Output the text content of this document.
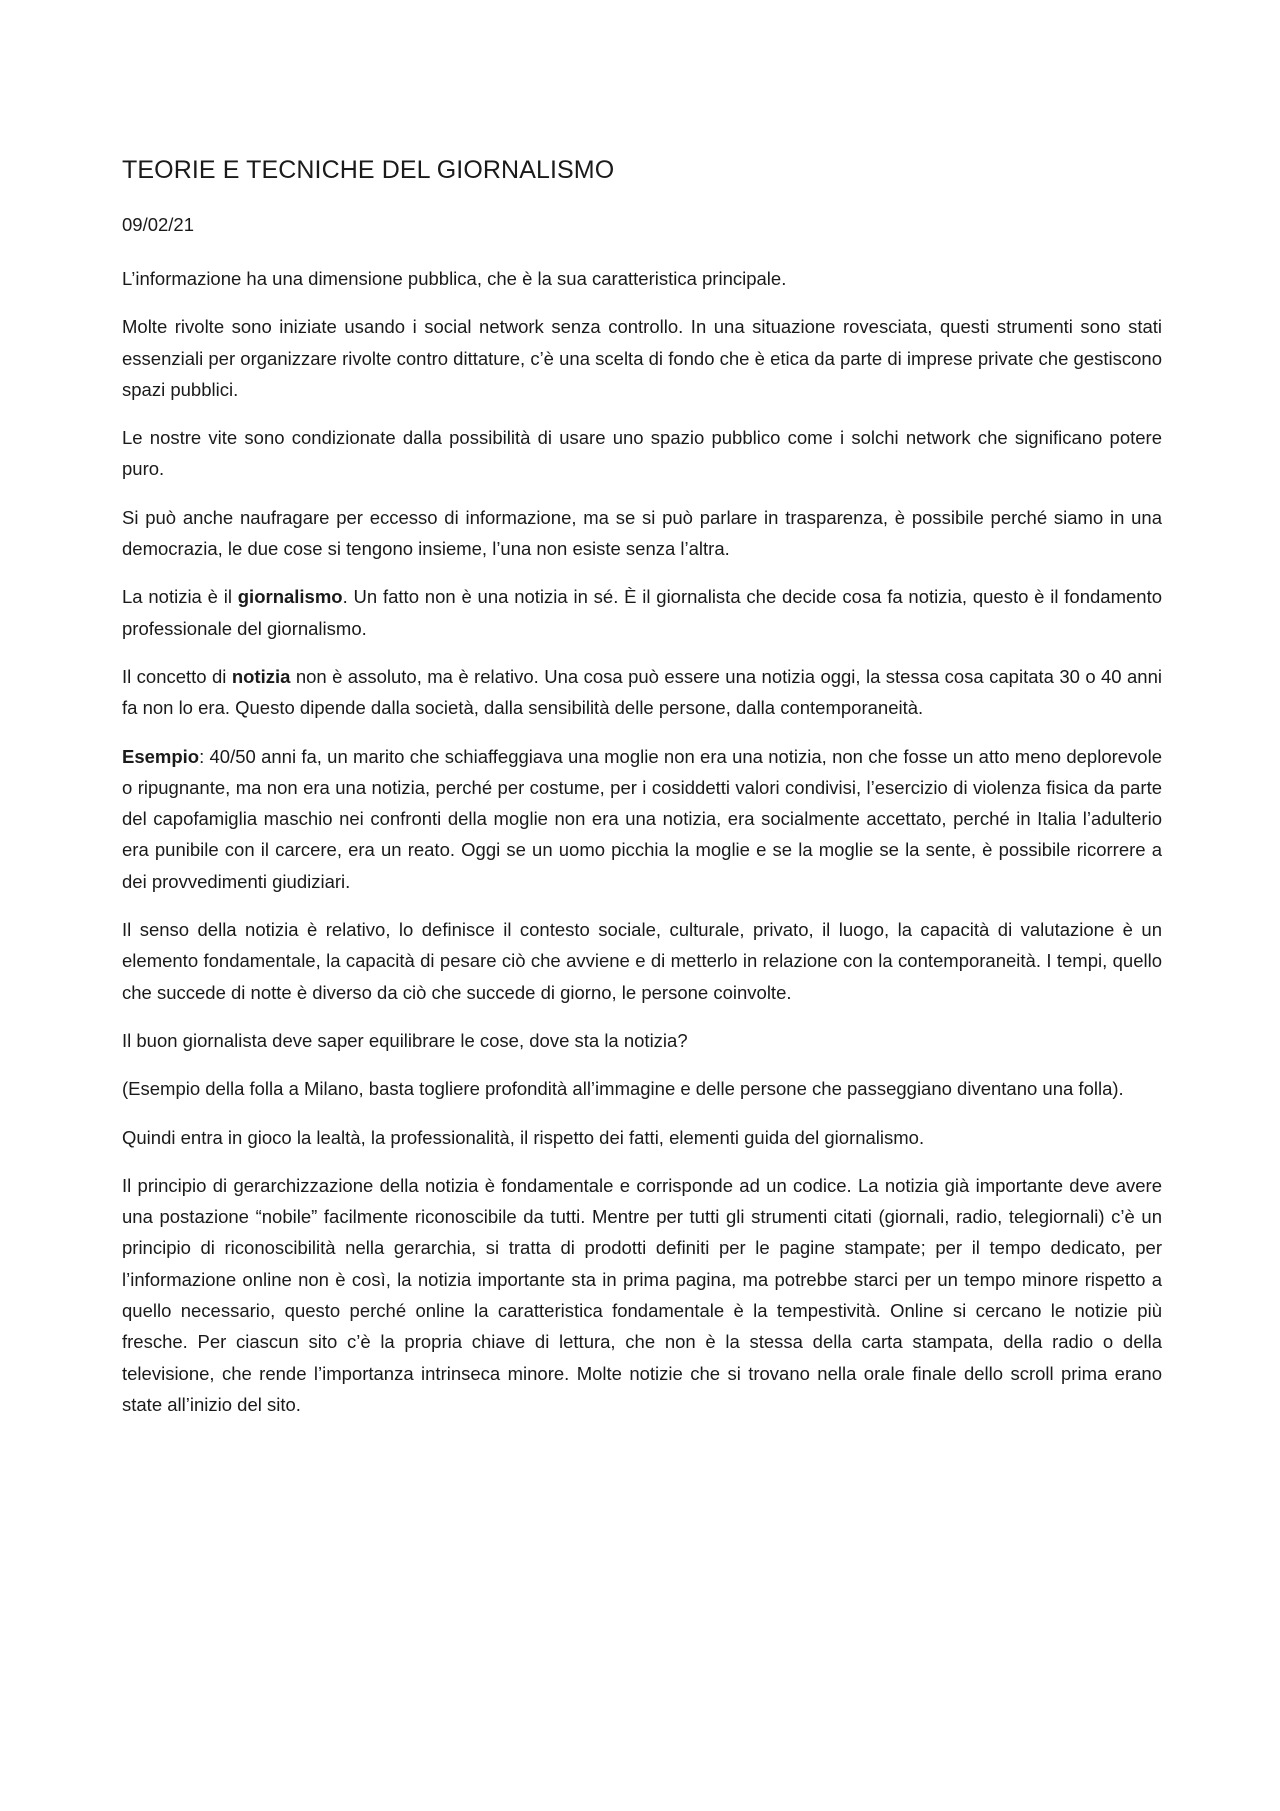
TEORIE E TECNICHE DEL GIORNALISMO

09/02/21

L’informazione ha una dimensione pubblica, che è la sua caratteristica principale.

Molte rivolte sono iniziate usando i social network senza controllo. In una situazione rovesciata, questi strumenti sono stati essenziali per organizzare rivolte contro dittature, c’è una scelta di fondo che è etica da parte di imprese private che gestiscono spazi pubblici.

Le nostre vite sono condizionate dalla possibilità di usare uno spazio pubblico come i solchi network che significano potere puro.

Si può anche naufragare per eccesso di informazione, ma se si può parlare in trasparenza, è possibile perché siamo in una democrazia, le due cose si tengono insieme, l’una non esiste senza l’altra.

La notizia è il giornalismo. Un fatto non è una notizia in sé. È il giornalista che decide cosa fa notizia, questo è il fondamento professionale del giornalismo.

Il concetto di notizia non è assoluto, ma è relativo. Una cosa può essere una notizia oggi, la stessa cosa capitata 30 o 40 anni fa non lo era. Questo dipende dalla società, dalla sensibilità delle persone, dalla contemporaneità.

Esempio: 40/50 anni fa, un marito che schiaffeggiava una moglie non era una notizia, non che fosse un atto meno deplorevole o ripugnante, ma non era una notizia, perché per costume, per i cosiddetti valori condivisi, l’esercizio di violenza fisica da parte del capofamiglia maschio nei confronti della moglie non era una notizia, era socialmente accettato, perché in Italia l’adulterio era punibile con il carcere, era un reato. Oggi se un uomo picchia la moglie e se la moglie se la sente, è possibile ricorrere a dei provvedimenti giudiziari.

Il senso della notizia è relativo, lo definisce il contesto sociale, culturale, privato, il luogo, la capacità di valutazione è un elemento fondamentale, la capacità di pesare ciò che avviene e di metterlo in relazione con la contemporaneità. I tempi, quello che succede di notte è diverso da ciò che succede di giorno, le persone coinvolte.

Il buon giornalista deve saper equilibrare le cose, dove sta la notizia?

(Esempio della folla a Milano, basta togliere profondità all’immagine e delle persone che passeggiano diventano una folla).

Quindi entra in gioco la lealtà, la professionalità, il rispetto dei fatti, elementi guida del giornalismo.

Il principio di gerarchizzazione della notizia è fondamentale e corrisponde ad un codice. La notizia già importante deve avere una postazione “nobile” facilmente riconoscibile da tutti. Mentre per tutti gli strumenti citati (giornali, radio, telegiornali) c’è un principio di riconoscibilità nella gerarchia, si tratta di prodotti definiti per le pagine stampate; per il tempo dedicato, per l’informazione online non è così, la notizia importante sta in prima pagina, ma potrebbe starci per un tempo minore rispetto a quello necessario, questo perché online la caratteristica fondamentale è la tempestività. Online si cercano le notizie più fresche. Per ciascun sito c’è la propria chiave di lettura, che non è la stessa della carta stampata, della radio o della televisione, che rende l’importanza intrinseca minore. Molte notizie che si trovano nella orale finale dello scroll prima erano state all’inizio del sito.
